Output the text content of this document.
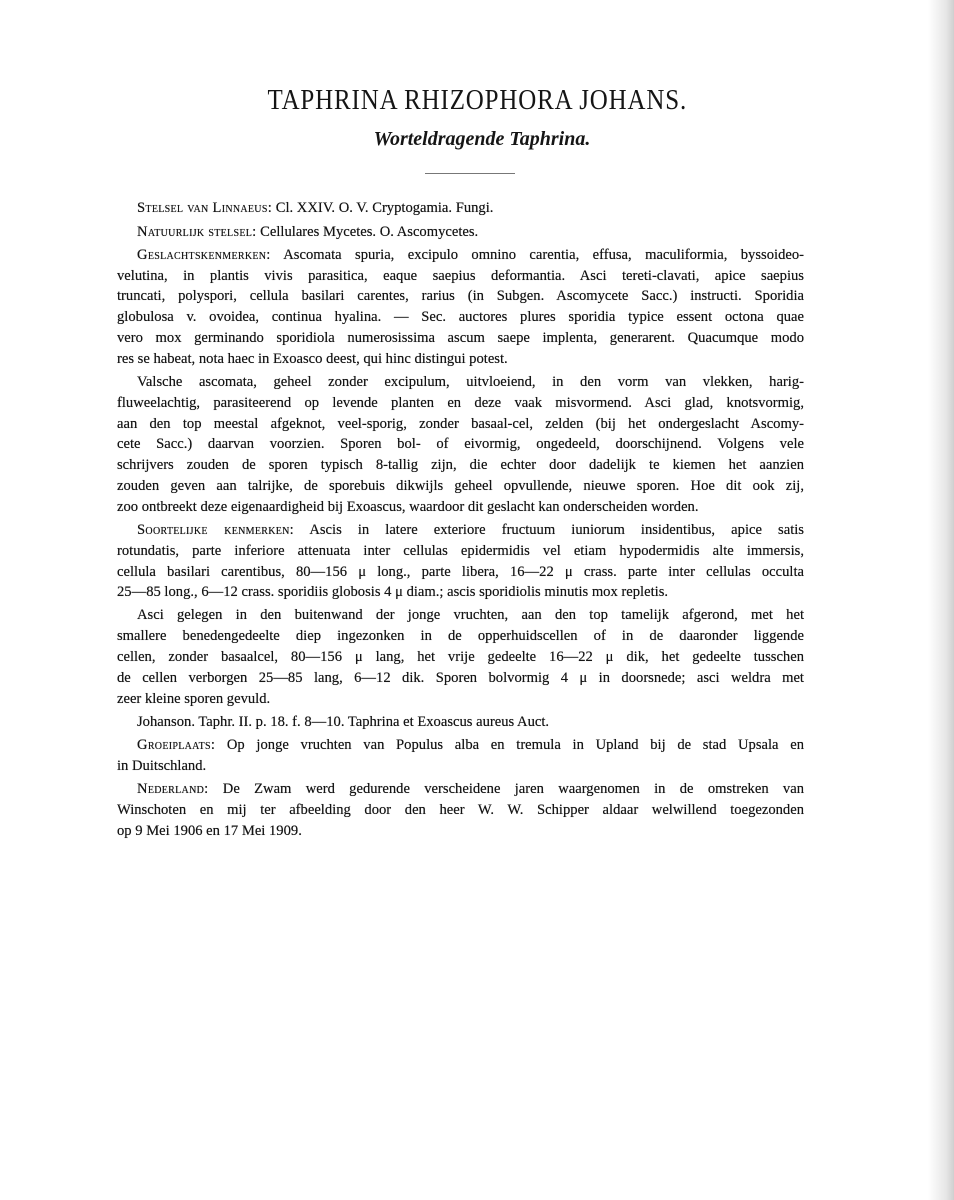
TAPHRINA RHIZOPHORA JOHANS.
Worteldragende Taphrina.
Stelsel van Linnaeus: Cl. XXIV. O. V. Cryptogamia. Fungi.
Natuurlijk stelsel: Cellulares Mycetes. O. Ascomycetes.
Geslachtskenmerken: Ascomata spuria, excipulo omnino carentia, effusa, maculiformia, byssoideo-
velutina, in plantis vivis parasitica, eaque saepius deformantia. Asci tereti-clavati, apice saepius
truncati, polyspori, cellula basilari carentes, rarius (in Subgen. Ascomycete Sacc.) instructi. Sporidia
globulosa v. ovoidea, continua hyalina. — Sec. auctores plures sporidia typice essent octona quae
vero mox germinando sporidiola numerosissima ascum saepe implenta, generarent. Quacumque modo
res se habeat, nota haec in Exoasco deest, qui hinc distingui potest.
Valsche ascomata, geheel zonder excipulum, uitvloeiend, in den vorm van vlekken, harig-
fluweelachtig, parasiteerend op levende planten en deze vaak misvormend. Asci glad, knotsvormig,
aan den top meestal afgeknot, veel-sporig, zonder basaal-cel, zelden (bij het ondergeslacht Ascomy-
cete Sacc.) daarvan voorzien. Sporen bol- of eivormig, ongedeeld, doorschijnend. Volgens vele
schrijvers zouden de sporen typisch 8-tallig zijn, die echter door dadelijk te kiemen het aanzien
zouden geven aan talrijke, de sporebuis dikwijls geheel opvullende, nieuwe sporen. Hoe dit ook zij,
zoo ontbreekt deze eigenaardigheid bij Exoascus, waardoor dit geslacht kan onderscheiden worden.
Soortelijke kenmerken: Ascis in latere exteriore fructuum iuniorum insidentibus, apice satis
rotundatis, parte inferiore attenuata inter cellulas epidermidis vel etiam hypodermidis alte immersis,
cellula basilari carentibus, 80—156 μ long., parte libera, 16—22 μ crass. parte inter cellulas occulta
25—85 long., 6—12 crass. sporidiis globosis 4 μ diam.; ascis sporidiolis minutis mox repletis.
Asci gelegen in den buitenwand der jonge vruchten, aan den top tamelijk afgerond, met het
smallere benedengedeelte diep ingezonken in de opperhuidscellen of in de daaronder liggende
cellen, zonder basaalcel, 80—156 μ lang, het vrije gedeelte 16—22 μ dik, het gedeelte tusschen
de cellen verborgen 25—85 lang, 6—12 dik. Sporen bolvormig 4 μ in doorsnede; asci weldra met
zeer kleine sporen gevuld.
Johanson. Taphr. II. p. 18. f. 8—10. Taphrina et Exoascus aureus Auct.
Groeiplaats: Op jonge vruchten van Populus alba en tremula in Upland bij de stad Upsala en
in Duitschland.
Nederland: De Zwam werd gedurende verscheidene jaren waargenomen in de omstreken van
Winschoten en mij ter afbeelding door den heer W. W. Schipper aldaar welwillend toegezonden
op 9 Mei 1906 en 17 Mei 1909.
